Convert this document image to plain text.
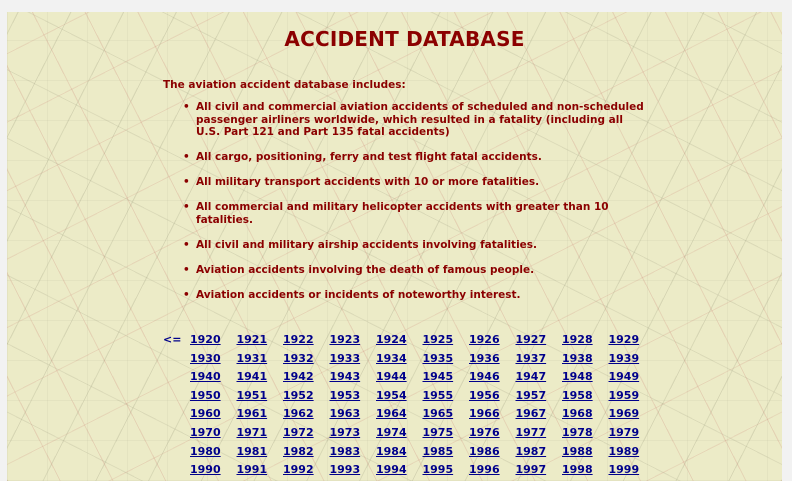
ACCIDENT DATABASE

The aviation accident database includes:

• All civil and commercial aviation accidents of scheduled and non-scheduled passenger airliners worldwide, which resulted in a fatality (including all U.S. Part 121 and Part 135 fatal accidents)
• All cargo, positioning, ferry and test flight fatal accidents.
• All military transport accidents with 10 or more fatalities.
• All commercial and military helicopter accidents with greater than 10 fatalities.
• All civil and military airship accidents involving fatalities.
• Aviation accidents involving the death of famous people.
• Aviation accidents or incidents of noteworthy interest.
<= 1920	1921	1922	1923	1924	1925	1926	1927	1928	1929
1930	1931	1932	1933	1934	1935	1936	1937	1938	1939
1940	1941	1942	1943	1944	1945	1946	1947	1948	1949
1950	1951	1952	1953	1954	1955	1956	1957	1958	1959
1960	1961	1962	1963	1964	1965	1966	1967	1968	1969
1970	1971	1972	1973	1974	1975	1976	1977	1978	1979
1980	1981	1982	1983	1984	1985	1986	1987	1988	1989
1990	1991	1992	1993	1994	1995	1996	1997	1998	1999
